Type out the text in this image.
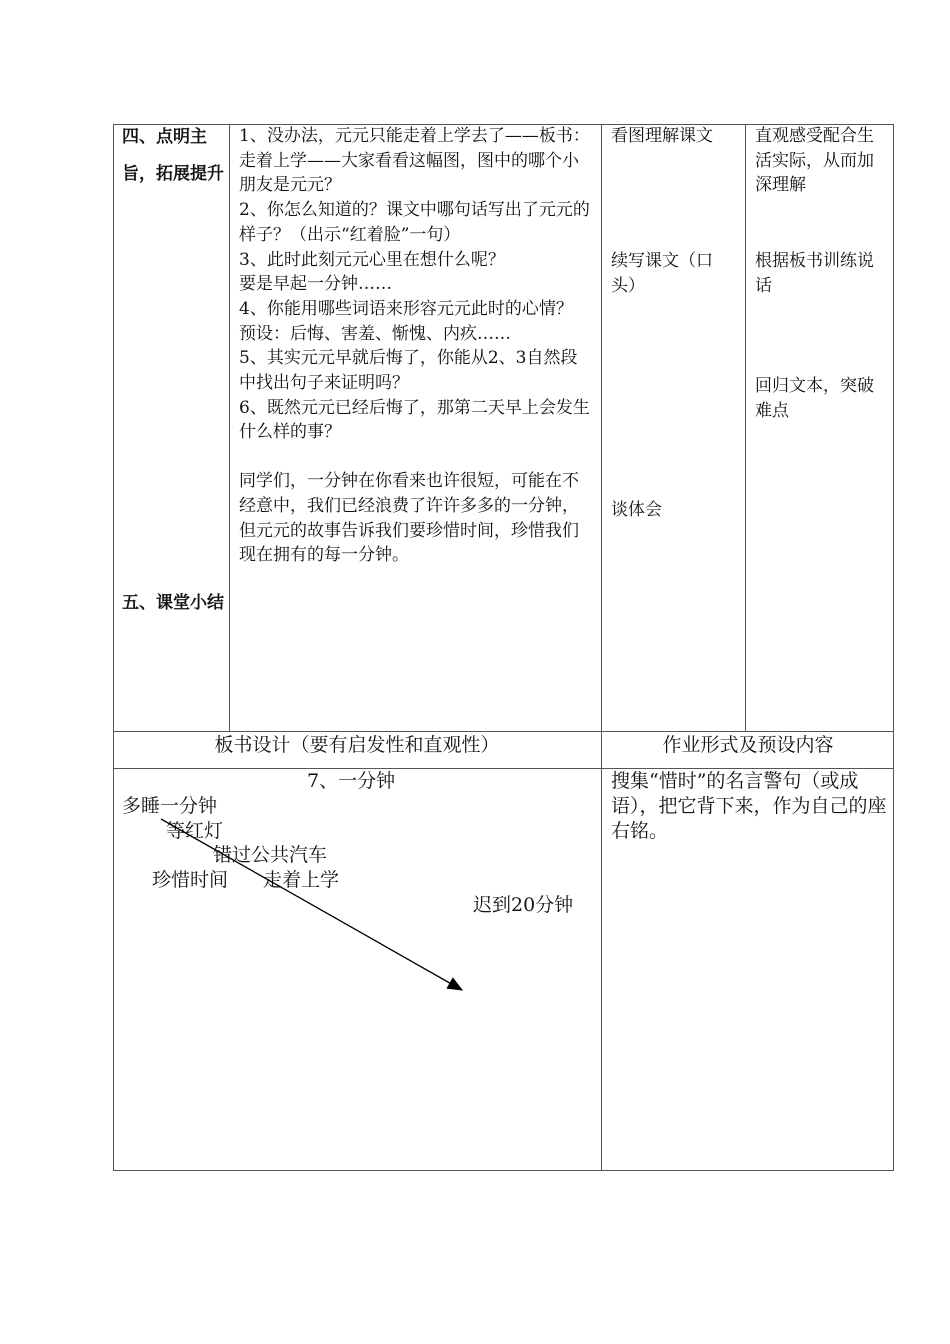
四、点明主旨，拓展提升
五、课堂小结
1、没办法，元元只能走着上学去了——板书：走着上学——大家看看这幅图，图中的哪个小朋友是元元？
2、你怎么知道的？课文中哪句话写出了元元的样子？（出示“红着脸”一句）
3、此时此刻元元心里在想什么呢？
要是早起一分钟……
4、你能用哪些词语来形容元元此时的心情？
预设：后悔、害羞、惭愧、内疚……
5、其实元元早就后悔了，你能从2、3自然段中找出句子来证明吗？
6、既然元元已经后悔了，那第二天早上会发生什么样的事？
同学们，一分钟在你看来也许很短，可能在不经意中，我们已经浪费了许许多多的一分钟，但元元的故事告诉我们要珍惜时间，珍惜我们现在拥有的每一分钟。
看图理解课文
续写课文（口头）
谈体会
直观感受配合生活实际，从而加深理解
根据板书训练说话
回归文本，突破难点
板书设计（要有启发性和直观性）	作业形式及预设内容
7、一分钟
多睡一分钟
等红灯
错过公共汽车
珍惜时间 走着上学
迟到20分钟
搜集“惜时”的名言警句（或成语），把它背下来，作为自己的座右铭。
